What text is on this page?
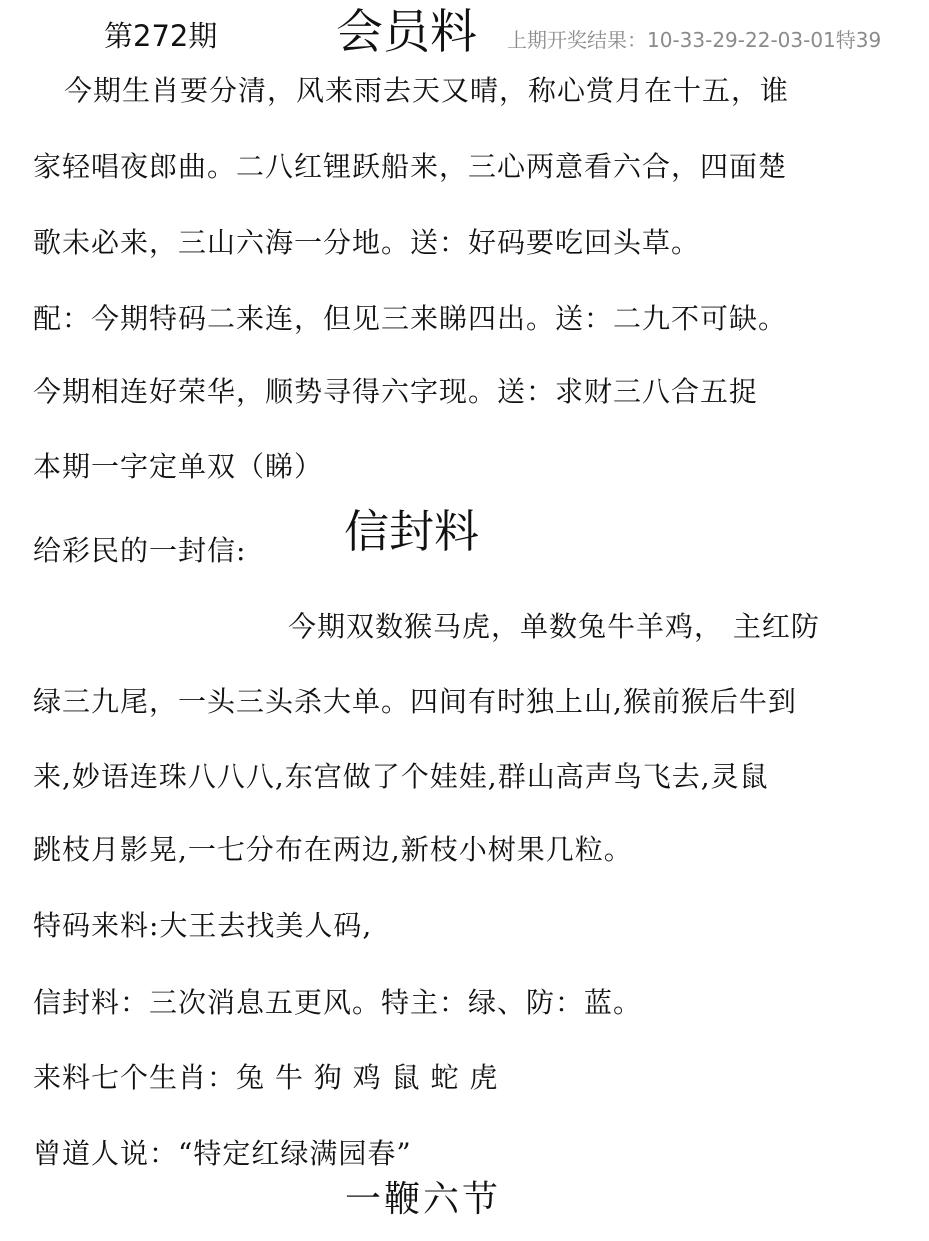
第272期	会员料 上期开奖结果：10-33-29-22-03-01特39
今期生肖要分清，风来雨去天又晴，称心赏月在十五，谁
家轻唱夜郎曲。二八红锂跃船来，三心两意看六合，四面楚
歌未必来，三山六海一分地。送：好码要吃回头草。
配：今期特码二来连，但见三来睇四出。送：二九不可缺。
今期相连好荣华，顺势寻得六字现。送：求财三八合五捉
本期一字定单双（睇）
给彩民的一封信: 信封料
今期双数猴马虎，单数兔牛羊鸡， 主红防
绿三九尾，一头三头杀大单。四间有时独上山,猴前猴后牛到
来,妙语连珠八八八,东宫做了个娃娃,群山高声鸟飞去,灵鼠
跳枝月影晃,一七分布在两边,新枝小树果几粒。
特码来料:大王去找美人码,
信封料：三次消息五更风。特主：绿、防：蓝。
来料七个生肖：兔 牛 狗 鸡 鼠 蛇 虎
曾道人说：“特定红绿满园春”
一鞭六节
